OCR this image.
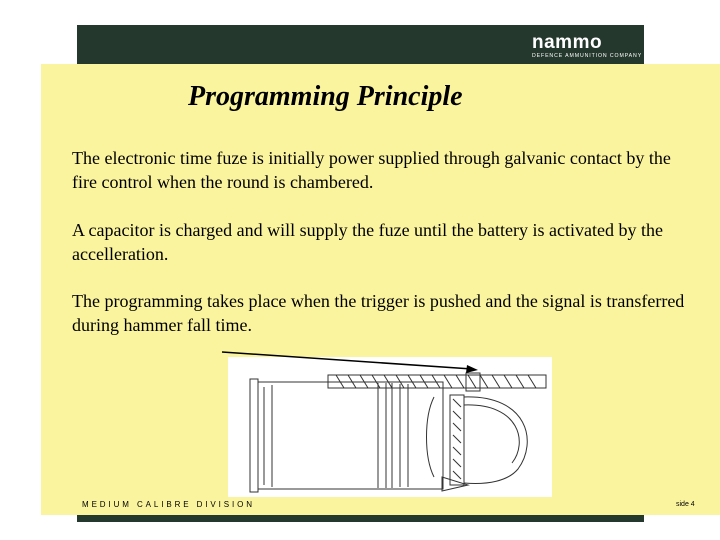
nammo
DEFENCE AMMUNITION COMPANY
Programming Principle

The electronic time fuze is initially power supplied through galvanic contact by the fire control when the round is chambered.

A capacitor is charged and will supply the fuze until the battery is activated by the accelleration.

The programming takes place when the trigger is pushed and the signal is transferred during hammer fall time.

MEDIUM CALIBRE DIVISION	side 4
